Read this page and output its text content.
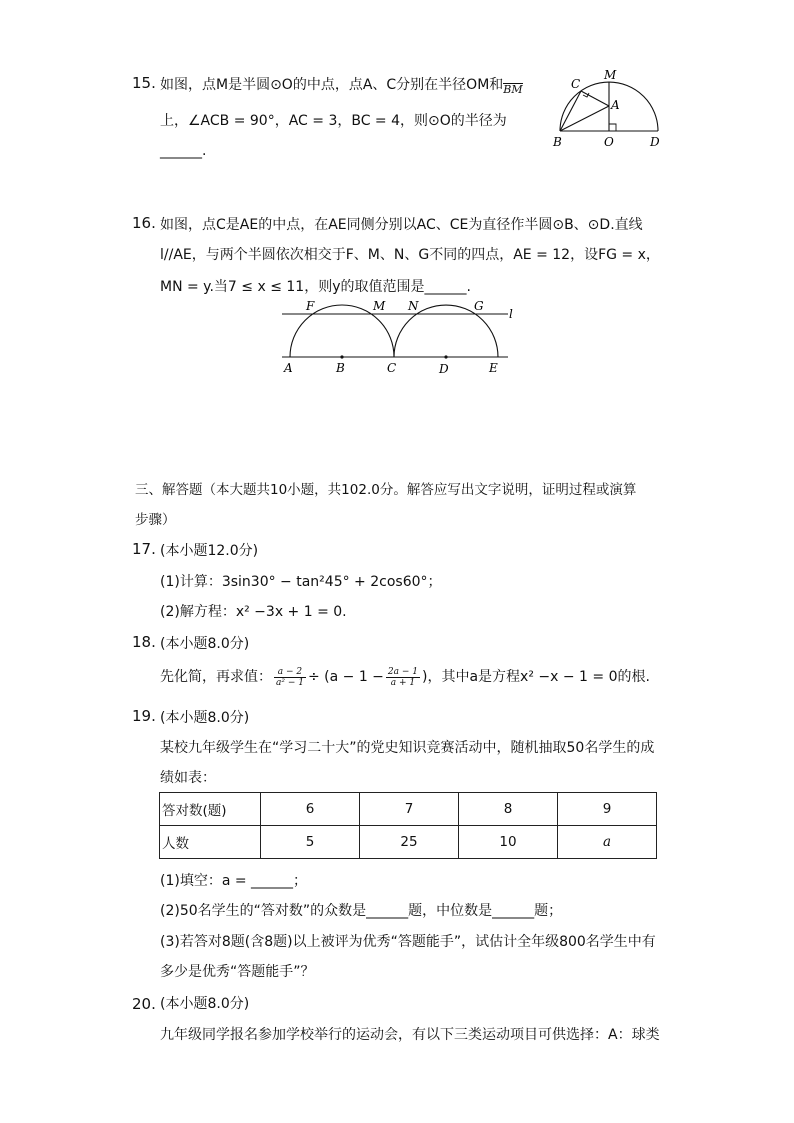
15. 如图，点M是半圆⊙O的中点，点A、C分别在半径OM和BM
上，∠ACB = 90°，AC = 3，BC = 4，则⊙O的半径为
______.
C
M
A
B	O	D
16. 如图，点C是AE的中点，在AE同侧分别以AC、CE为直径作半圆⊙B、⊙D.直线
l//AE，与两个半圆依次相交于F、M、N、G不同的四点，AE = 12，设FG = x，
MN = y.当7 ≤ x ≤ 11，则y的取值范围是______.
F	M N	G
l
A	B	C	D	E
三、解答题（本大题共10小题，共102.0分。解答应写出文字说明，证明过程或演算
步骤）
17. (本小题12.0分)
(1)计算：3sin30° − tan²45° + 2cos60°；
(2)解方程：x² −3x + 1 = 0.
18. (本小题8.0分)
先化简，再求值： $\frac{a - 2}{\text{a² − 1}} \div (a - 1 - \frac{2a - 1}{a + 1}$ )，其中a是方程x² −x − 1 = 0的根.
19. (本小题8.0分)
某校九年级学生在“学习二十大”的党史知识竞赛活动中，随机抽取50名学生的成
绩如表：
答对数(题)	6	7	8	9
人数	5	25	10	a
(1)填空：a = ______；
(2)50名学生的“答对数”的众数是______题，中位数是______题；
(3)若答对8题(含8题)以上被评为优秀“答题能手”，试估计全年级800名学生中有
多少是优秀“答题能手”？
20. (本小题8.0分)
九年级同学报名参加学校举行的运动会，有以下三类运动项目可供选择：A：球类
